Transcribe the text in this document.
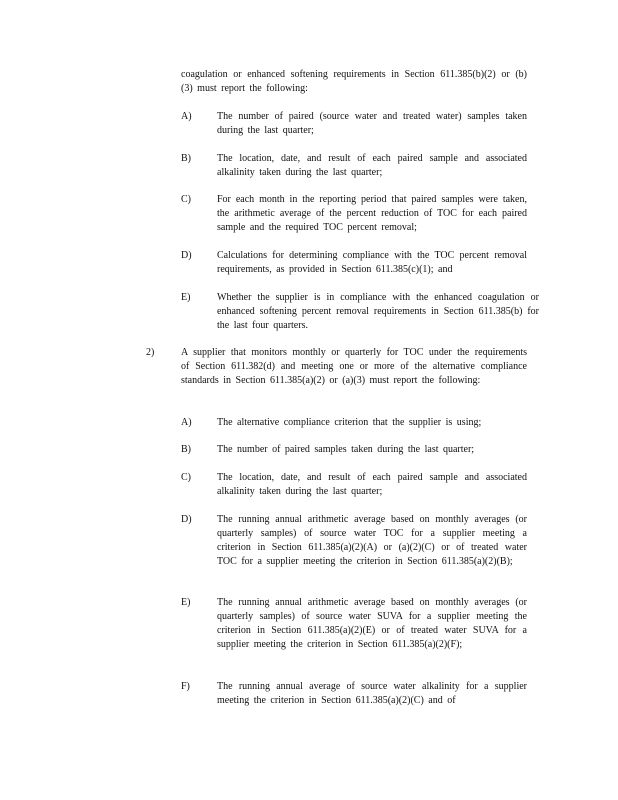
coagulation or enhanced softening requirements in Section 611.385(b)(2) or (b)(3) must report the following:

A)	The number of paired (source water and treated water) samples taken during the last quarter;

B)	The location, date, and result of each paired sample and associated alkalinity taken during the last quarter;

C)	For each month in the reporting period that paired samples were taken, the arithmetic average of the percent reduction of TOC for each paired sample and the required TOC percent removal;

D)	Calculations for determining compliance with the TOC percent removal requirements, as provided in Section 611.385(c)(1); and

E)	Whether the supplier is in compliance with the enhanced coagulation or enhanced softening percent removal requirements in Section 611.385(b) for the last four quarters.

2)	A supplier that monitors monthly or quarterly for TOC under the requirements of Section 611.382(d) and meeting one or more of the alternative compliance standards in Section 611.385(a)(2) or (a)(3) must report the following:

A)	The alternative compliance criterion that the supplier is using;

B)	The number of paired samples taken during the last quarter;

C)	The location, date, and result of each paired sample and associated alkalinity taken during the last quarter;

D)	The running annual arithmetic average based on monthly averages (or quarterly samples) of source water TOC for a supplier meeting a criterion in Section 611.385(a)(2)(A) or (a)(2)(C) or of treated water TOC for a supplier meeting the criterion in Section 611.385(a)(2)(B);

E)	The running annual arithmetic average based on monthly averages (or quarterly samples) of source water SUVA for a supplier meeting the criterion in Section 611.385(a)(2)(E) or of treated water SUVA for a supplier meeting the criterion in Section 611.385(a)(2)(F);

F)	The running annual average of source water alkalinity for a supplier meeting the criterion in Section 611.385(a)(2)(C) and of
